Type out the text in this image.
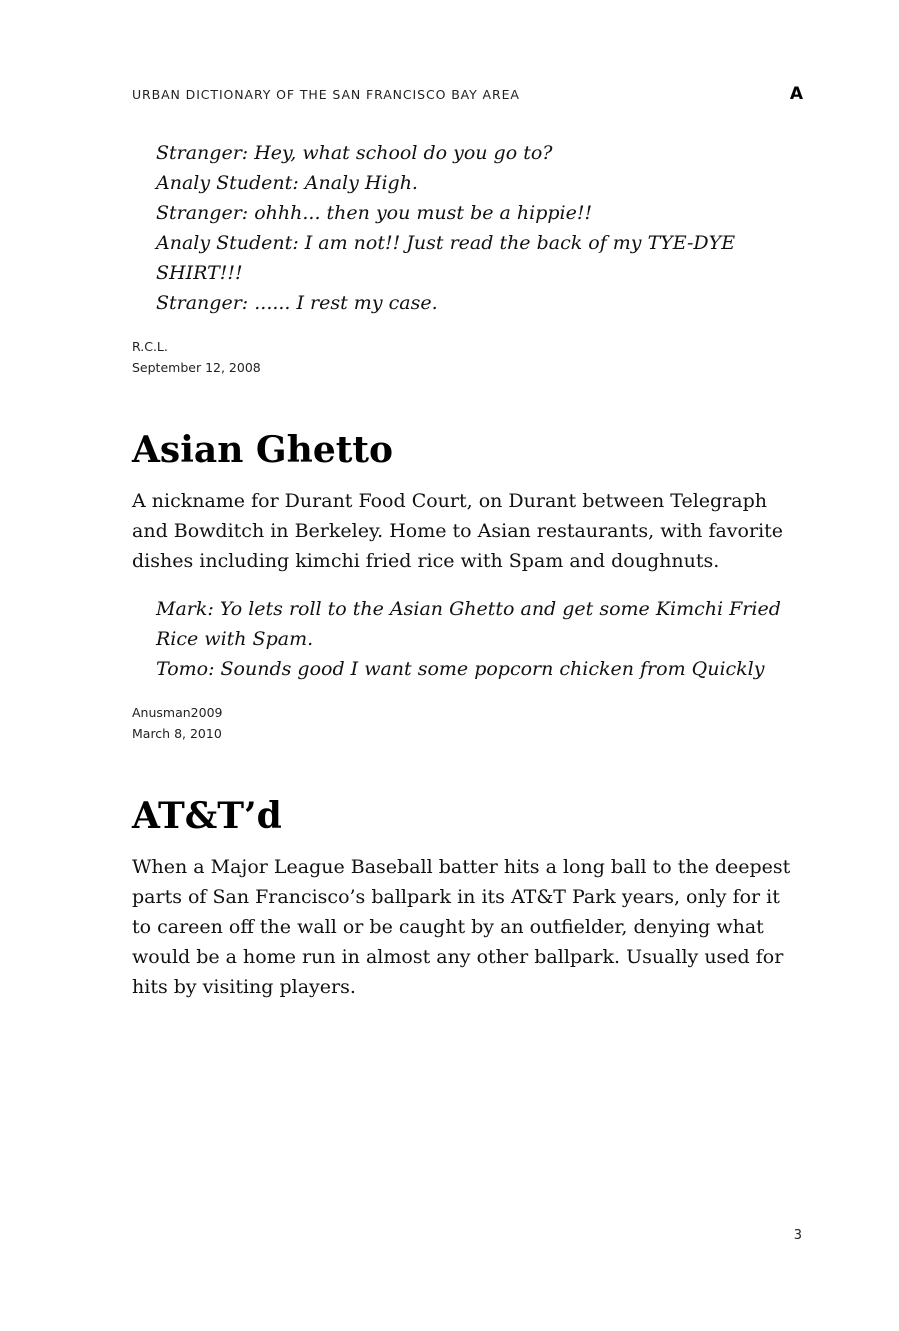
URBAN DICTIONARY OF THE SAN FRANCISCO BAY AREA	A
Stranger: Hey, what school do you go to?
Analy Student: Analy High.
Stranger: ohhh... then you must be a hippie!!
Analy Student: I am not!! Just read the back of my TYE-DYE
SHIRT!!!
Stranger: ...... I rest my case.
R.C.L.
September 12, 2008
Asian Ghetto

A nickname for Durant Food Court, on Durant between Telegraph and Bowditch in Berkeley. Home to Asian restaurants, with favorite dishes including kimchi fried rice with Spam and doughnuts.

Mark: Yo lets roll to the Asian Ghetto and get some Kimchi Fried
Rice with Spam.
Tomo: Sounds good I want some popcorn chicken from Quickly
Anusman2009
March 8, 2010
AT&T’d

When a Major League Baseball batter hits a long ball to the deepest parts of San Francisco’s ballpark in its AT&T Park years, only for it to careen off the wall or be caught by an outfielder, denying what would be a home run in almost any other ballpark. Usually used for hits by visiting players.

3
